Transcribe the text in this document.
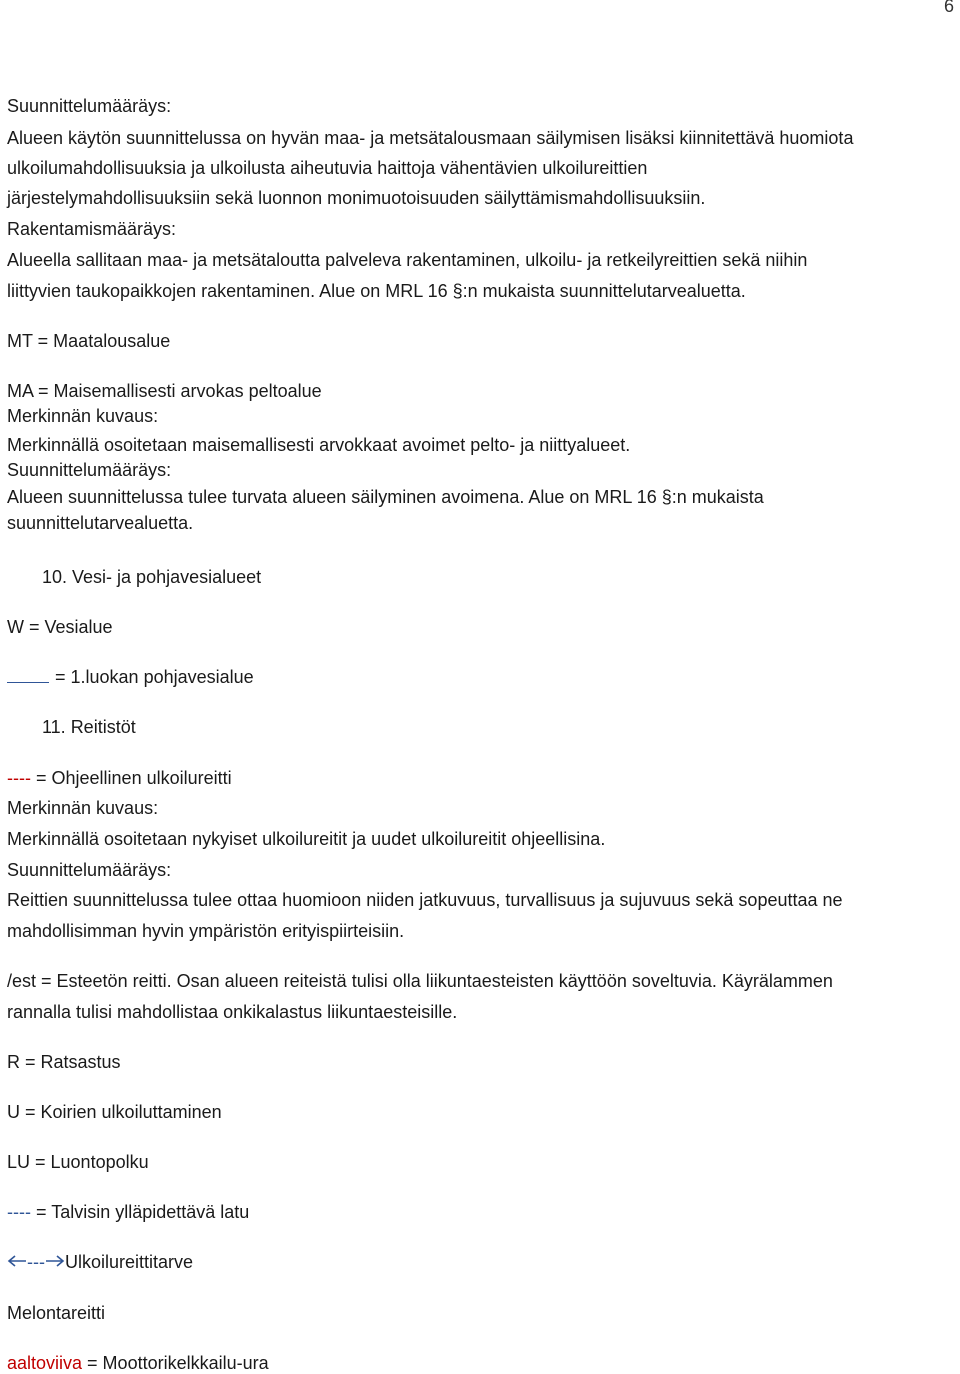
6
Suunnittelumääräys:
Alueen käytön suunnittelussa on hyvän maa- ja metsätalousmaan säilymisen lisäksi kiinnitettävä huomiota
ulkoilumahdollisuuksia ja ulkoilusta aiheutuvia haittoja vähentävien ulkoilureittien
järjestelymahdollisuuksiin sekä luonnon monimuotoisuuden säilyttämismahdollisuuksiin.
Rakentamismääräys:
Alueella sallitaan maa- ja metsätaloutta palveleva rakentaminen, ulkoilu- ja retkeilyreittien sekä niihin
liittyvien taukopaikkojen rakentaminen. Alue on MRL 16 §:n mukaista suunnittelutarvealuetta.
MT = Maatalousalue
MA = Maisemallisesti arvokas peltoalue
Merkinnän kuvaus:
Merkinnällä osoitetaan maisemallisesti arvokkaat avoimet pelto- ja niittyalueet.
Suunnittelumääräys:
Alueen suunnittelussa tulee turvata alueen säilyminen avoimena. Alue on MRL 16 §:n mukaista
suunnittelutarvealuetta.
10. Vesi- ja pohjavesialueet
W = Vesialue
= 1.luokan pohjavesialue
11. Reitistöt
---- = Ohjeellinen ulkoilureitti
Merkinnän kuvaus:
Merkinnällä osoitetaan nykyiset ulkoilureitit ja uudet ulkoilureitit ohjeellisina.
Suunnittelumääräys:
Reittien suunnittelussa tulee ottaa huomioon niiden jatkuvuus, turvallisuus ja sujuvuus sekä sopeuttaa ne
mahdollisimman hyvin ympäristön erityispiirteisiin.
/est = Esteetön reitti. Osan alueen reiteistä tulisi olla liikuntaesteisten käyttöön soveltuvia. Käyrälammen
rannalla tulisi mahdollistaa onkikalastus liikuntaesteisille.
R = Ratsastus
U = Koirien ulkoiluttaminen
LU = Luontopolku
---- = Talvisin ylläpidettävä latu
--- Ulkoilureittitarve
Melontareitti
aaltoviiva = Moottorikelkkailu-ura
